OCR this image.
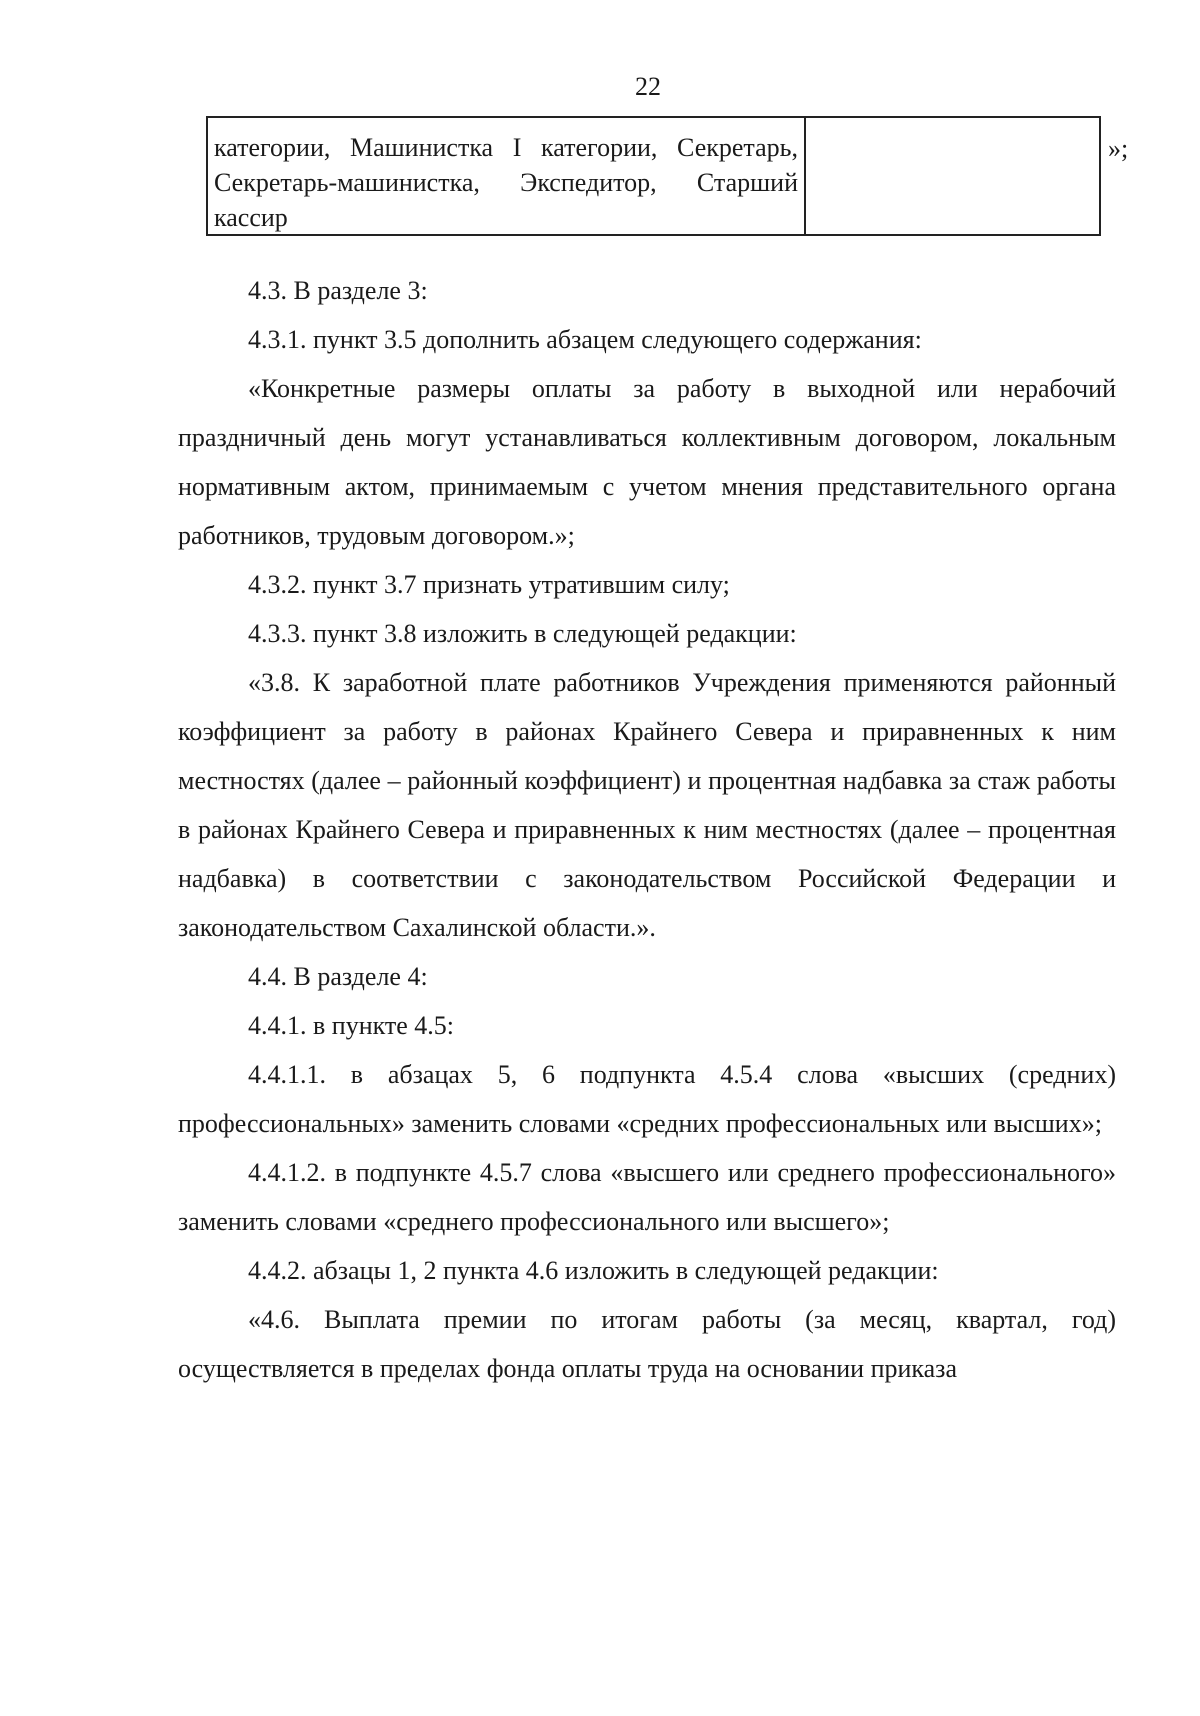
22
категории, Машинистка I категории, Секретарь, Секретарь-машинистка, Экспедитор, Старший кассир
»;

4.3. В разделе 3:

4.3.1. пункт 3.5 дополнить абзацем следующего содержания:

«Конкретные размеры оплаты за работу в выходной или нерабочий праздничный день могут устанавливаться коллективным договором, локальным нормативным актом, принимаемым с учетом мнения представительного органа работников, трудовым договором.»;

4.3.2. пункт 3.7 признать утратившим силу;

4.3.3. пункт 3.8 изложить в следующей редакции:

«3.8. К заработной плате работников Учреждения применяются районный коэффициент за работу в районах Крайнего Севера и приравненных к ним местностях (далее – районный коэффициент) и процентная надбавка за стаж работы в районах Крайнего Севера и приравненных к ним местностях (далее – процентная надбавка) в соответствии с законодательством Российской Федерации и законодательством Сахалинской области.».

4.4. В разделе 4:

4.4.1. в пункте 4.5:

4.4.1.1. в абзацах 5, 6 подпункта 4.5.4 слова «высших (средних) профессиональных» заменить словами «средних профессиональных или высших»;

4.4.1.2. в подпункте 4.5.7 слова «высшего или среднего профессионального» заменить словами «среднего профессионального или высшего»;

4.4.2. абзацы 1, 2 пункта 4.6 изложить в следующей редакции:

«4.6. Выплата премии по итогам работы (за месяц, квартал, год) осуществляется в пределах фонда оплаты труда на основании приказа
